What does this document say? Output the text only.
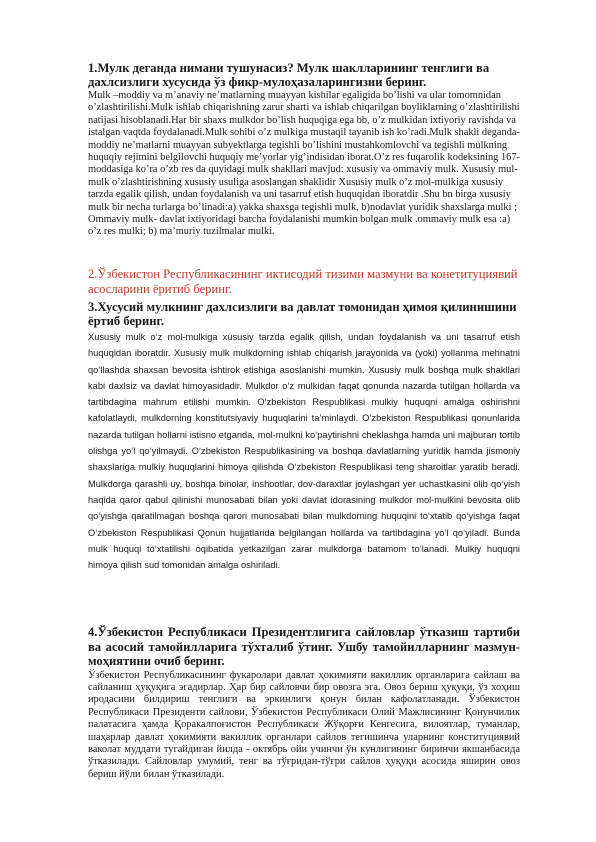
1.Мулк деганда нимани тушунасиз? Мулк шаклларининг тенглиги ва дахлсизлиги хусусида ўз фикр-мулоҳазаларингизни беринг.

Mulk –moddiy va m’anaviy ne’matlarning muayyan kishilar egaligida bo’lishi va ular tomomnidan o’zlashtirilishi.Mulk ishlab chiqarishning zarur sharti va ishlab chiqarilgan boyliklarning o’zlashtirilishi natijasi hisoblanadi.Har bir shaxs mulkdor bo’lish huquqiga ega bb, o’z mulkidan ixtiyoriy ravishda va istalgan vaqtda foydalanadi.Mulk sohibi o’z mulkiga mustaqil tayanib ish ko’radi.Mulk shakli deganda- moddiy ne’matlarni muayyan subyektlarga tegishli bo’lishini mustahkomlovchi va tegishli mulkning huquqiy rejimini belgilovchi huquqiy me’yorlar yig’indisidan iborat.O’z res fuqarolik kodeksining 167- moddasiga ko’ra o’zb res da quyidagi mulk shakllari mavjud: xususiy va ommaviy mulk. Xususiy mul- mulk o’zlashtirishning xususiy usuliga asoslangan shaklidir Xususiy mulk o’z mol-mulkiga xususiy tarzda egalik qilish, undan foydalanish va uni tasarruf etish huquqidan iboratdir .Shu bn birga xususiy mulk bir necha turlarga bo’linadi:a) yakka shaxsga tegishli mulk, b)nodavlat yuridik shaxslarga mulki ; Ommaviy mulk- davlat ixtiyoridagi barcha foydalanishi mumkin bolgan mulk .ommaviy mulk esa :a) o’z res mulki; b) ma’muriy tuzilmalar mulki.

2.Ўзбекистон Республикасининг иктисодий тизими мазмуни ва конетитуциявий асосларини ёритиб беринг.

3.Хусусий мулкнинг дахлсизлиги ва давлат томонидан ҳимоя қилинишини ёртиб беринг.

Xususiy mulk o‘z mol-mulkiga xususiy tarzda egalik qilish, undan foydalanish va uni tasarruf etish huquqidan iboratdir. Xususiy mulk mulkdorning ishlab chiqarish jarayonida va (yoki) yollanma mehnatni qo‘llashda shaxsan bevosita ishtirok etishiga asoslanishi mumkin. Xususiy mulk boshqa mulk shakllari kabi daxlsiz va davlat himoyasidadir. Mulkdor o‘z mulkidan faqat qonunda nazarda tutilgan hollarda va tartibdagina mahrum etilishi mumkin. O‘zbekiston Respublikasi mulkiy huquqni amalga oshirishni kafolatlaydi, mulkdorning konstitutsiyaviy huquqlarini ta’minlaydi. O‘zbekiston Respublikasi qonunlarida nazarda tutilgan hollarni istisno etganda, mol-mulkni ko‘paytirishni cheklashga hamda uni majburan tortib olishga yo‘l qo‘yilmaydi. O‘zbekiston Respublikasining va boshqa davlatlarning yuridik hamda jismoniy shaxslariga mulkiy huquqlarini himoya qilishda O‘zbekiston Respublikasi teng sharoitlar yaratib beradi. Mulkdorga qarashli uy, boshqa binolar, inshootlar, dov-daraxtlar joylashgan yer uchastkasini olib qo‘yish haqida qaror qabul qilinishi munosabati bilan yoki davlat idorasining mulkdor mol-mulkini bevosita olib qo‘yishga qaratilmagan boshqa qarori munosabati bilan mulkdorning huquqini to‘xtatib qo‘yishga faqat O‘zbekiston Respublikasi Qonun hujjatlarida belgilangan hollarda va tartibdagina yo‘l qo‘yiladi. Bunda mulk huquqi to‘xtatilishi oqibatida yetkazilgan zarar mulkdorga batamom to‘lanadi. Mulkiy huquqni himoya qilish sud tomonidan amalga oshiriladi.

4.Ўзбекистон Республикаси Президентлигига сайловлар ўтказиш тартиби ва асосий тамойилларига тўхталиб ўтинг. Ушбу тамойилларнинг мазмун-моҳиятини очиб беринг.

Ўзбекистон Республикасининг фукаролари давлат ҳокимияти вакиллик органларига сайлаш ва сайланиш ҳуқуқига эгадирлар. Ҳар бир сайловчи бир овозга эга. Овоз бериш ҳуқуқи, ўз хоҳиш иродасини билдириш тенглиги ва эркинлиги қонун билан кафолатланади. Ўзбекистон Республикаси Президенти сайлови, Ўзбекистон Республикаси Олий Мажлисининг Қонунчилик палатасига ҳамда Қоракалпоғистон Республикаси Жўқорғи Кенгесига, вилоятлар, туманлар, шаҳарлар давлат ҳокимияти вакиллик органлари сайлов тегишинча уларнинг конституциявий ваколат муддати тугайдиган йилда - октябрь ойи учинчи ўн кунлигининг биринчи якшанбасида ўтказилади. Сайловлар умумий, тенг ва тўғридан-тўғри сайлов ҳуқуқи асосида яширин овоз бериш йўли билан ўтказилади.
